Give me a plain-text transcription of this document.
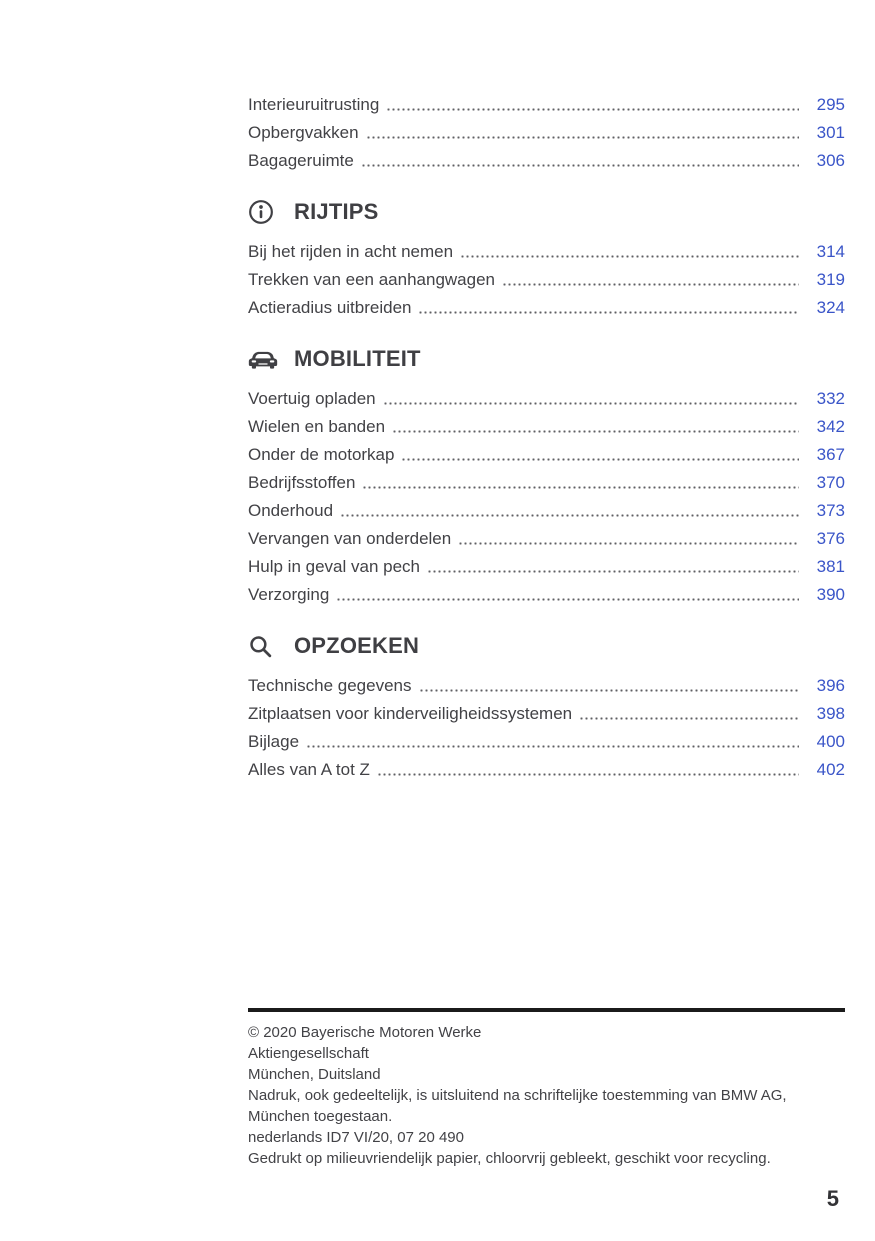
Interieuruitrusting	295
Opbergvakken	301
Bagageruimte	306
RIJTIPS
Bij het rijden in acht nemen	314
Trekken van een aanhangwagen	319
Actieradius uitbreiden	324
MOBILITEIT
Voertuig opladen	332
Wielen en banden	342
Onder de motorkap	367
Bedrijfsstoffen	370
Onderhoud	373
Vervangen van onderdelen	376
Hulp in geval van pech	381
Verzorging	390
OPZOEKEN
Technische gegevens	396
Zitplaatsen voor kinderveiligheidssystemen	398
Bijlage	400
Alles van A tot Z	402
© 2020 Bayerische Motoren Werke
Aktiengesellschaft
München, Duitsland
Nadruk, ook gedeeltelijk, is uitsluitend na schriftelijke toestemming van BMW AG, München toegestaan.
nederlands ID7 VI/20, 07 20 490
Gedrukt op milieuvriendelijk papier, chloorvrij gebleekt, geschikt voor recycling.
5
